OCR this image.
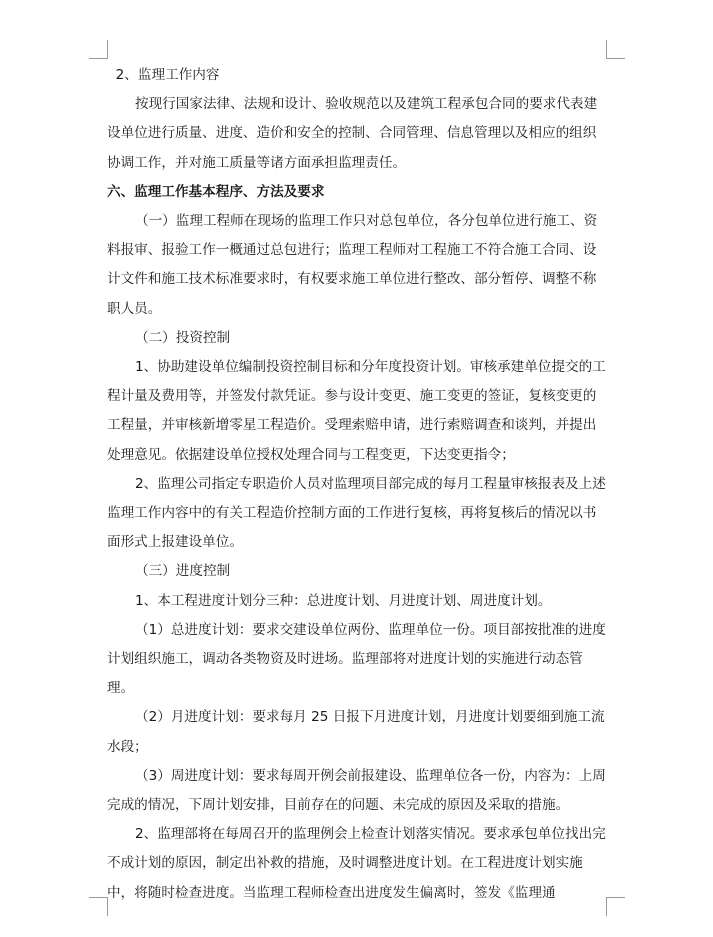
2、监理工作内容

按现行国家法律、法规和设计、验收规范以及建筑工程承包合同的要求代表建设单位进行质量、进度、造价和安全的控制、合同管理、信息管理以及相应的组织协调工作，并对施工质量等诸方面承担监理责任。

六、监理工作基本程序、方法及要求

（一）监理工程师在现场的监理工作只对总包单位，各分包单位进行施工、资料报审、报验工作一概通过总包进行；监理工程师对工程施工不符合施工合同、设计文件和施工技术标准要求时，有权要求施工单位进行整改、部分暂停、调整不称职人员。

（二）投资控制

1、协助建设单位编制投资控制目标和分年度投资计划。审核承建单位提交的工程计量及费用等，并签发付款凭证。参与设计变更、施工变更的签证，复核变更的工程量，并审核新增零星工程造价。受理索赔申请，进行索赔调查和谈判，并提出处理意见。依据建设单位授权处理合同与工程变更，下达变更指令；

2、监理公司指定专职造价人员对监理项目部完成的每月工程量审核报表及上述监理工作内容中的有关工程造价控制方面的工作进行复核，再将复核后的情况以书面形式上报建设单位。

（三）进度控制

1、本工程进度计划分三种：总进度计划、月进度计划、周进度计划。

（1）总进度计划：要求交建设单位两份、监理单位一份。项目部按批准的进度计划组织施工，调动各类物资及时进场。监理部将对进度计划的实施进行动态管理。

（2）月进度计划：要求每月 25 日报下月进度计划，月进度计划要细到施工流水段；

（3）周进度计划：要求每周开例会前报建设、监理单位各一份，内容为：上周完成的情况，下周计划安排，目前存在的问题、未完成的原因及采取的措施。

2、监理部将在每周召开的监理例会上检查计划落实情况。要求承包单位找出完不成计划的原因，制定出补救的措施，及时调整进度计划。在工程进度计划实施中，将随时检查进度。当监理工程师检查出进度发生偏离时，签发《监理通
